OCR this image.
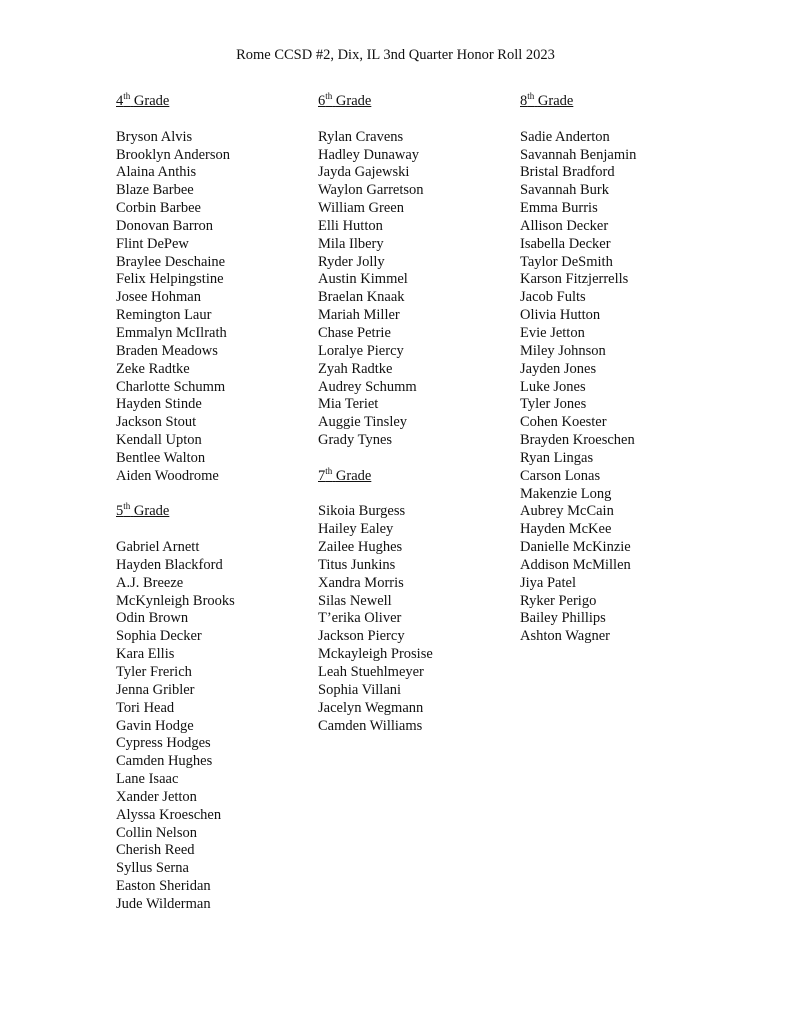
Rome CCSD #2, Dix, IL 3nd Quarter Honor Roll 2023
4th Grade
Bryson Alvis
Brooklyn Anderson
Alaina Anthis
Blaze Barbee
Corbin Barbee
Donovan Barron
Flint DePew
Braylee Deschaine
Felix Helpingstine
Josee Hohman
Remington Laur
Emmalyn McIlrath
Braden Meadows
Zeke Radtke
Charlotte Schumm
Hayden Stinde
Jackson Stout
Kendall Upton
Bentlee Walton
Aiden Woodrome
5th Grade
Gabriel Arnett
Hayden Blackford
A.J. Breeze
McKynleigh Brooks
Odin Brown
Sophia Decker
Kara Ellis
Tyler Frerich
Jenna Gribler
Tori Head
Gavin Hodge
Cypress Hodges
Camden Hughes
Lane Isaac
Xander Jetton
Alyssa Kroeschen
Collin Nelson
Cherish Reed
Syllus Serna
Easton Sheridan
Jude Wilderman
6th Grade
Rylan Cravens
Hadley Dunaway
Jayda Gajewski
Waylon Garretson
William Green
Elli Hutton
Mila Ilbery
Ryder Jolly
Austin Kimmel
Braelan Knaak
Mariah Miller
Chase Petrie
Loralye Piercy
Zyah Radtke
Audrey Schumm
Mia Teriet
Auggie Tinsley
Grady Tynes
7th Grade
Sikoia Burgess
Hailey Ealey
Zailee Hughes
Titus Junkins
Xandra Morris
Silas Newell
T’erika Oliver
Jackson Piercy
Mckayleigh Prosise
Leah Stuehlmeyer
Sophia Villani
Jacelyn Wegmann
Camden Williams
8th Grade
Sadie Anderton
Savannah Benjamin
Bristal Bradford
Savannah Burk
Emma Burris
Allison Decker
Isabella Decker
Taylor DeSmith
Karson Fitzjerrells
Jacob Fults
Olivia Hutton
Evie Jetton
Miley Johnson
Jayden Jones
Luke Jones
Tyler Jones
Cohen Koester
Brayden Kroeschen
Ryan Lingas
Carson Lonas
Makenzie Long
Aubrey McCain
Hayden McKee
Danielle McKinzie
Addison McMillen
Jiya Patel
Ryker Perigo
Bailey Phillips
Ashton Wagner
